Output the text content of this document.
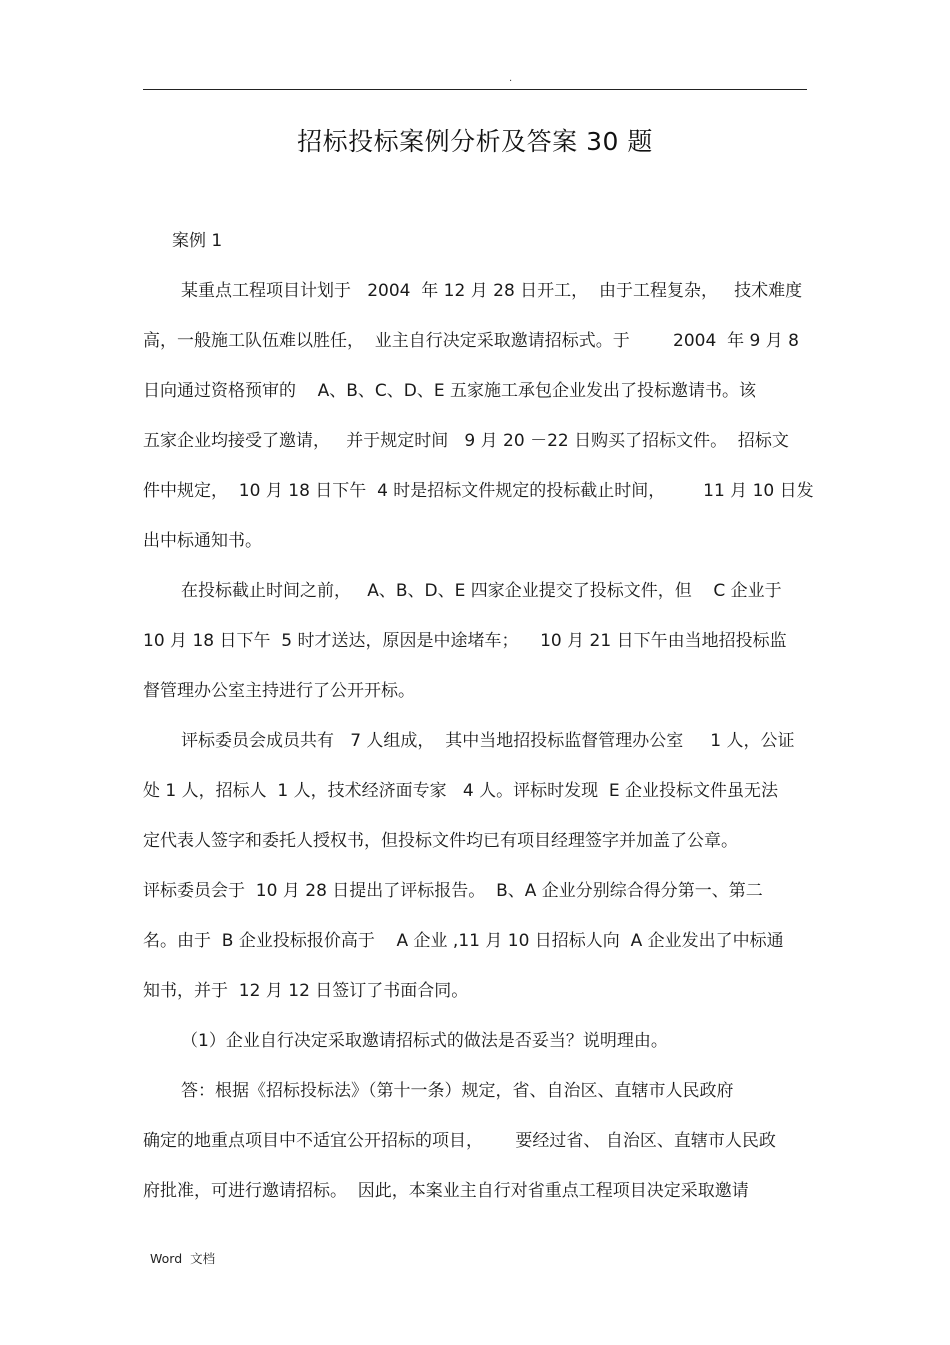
.
招标投标案例分析及答案 30 题
案例 1
某重点工程项目计划于   2004  年 12 月 28 日开工，  由于工程复杂，   技术难度
高，一般施工队伍难以胜任，  业主自行决定采取邀请招标式。于        2004  年 9 月 8
日向通过资格预审的    A、B、C、D、E 五家施工承包企业发出了投标邀请书。该
五家企业均接受了邀请，   并于规定时间   9 月 20 －22 日购买了招标文件。  招标文
件中规定，  10 月 18 日下午  4 时是招标文件规定的投标截止时间，       11 月 10 日发
出中标通知书。
在投标截止时间之前，   A、B、D、E 四家企业提交了投标文件，但    C 企业于
10 月 18 日下午  5 时才送达，原因是中途堵车；    10 月 21 日下午由当地招投标监
督管理办公室主持进行了公开开标。
评标委员会成员共有   7 人组成，  其中当地招投标监督管理办公室     1 人，公证
处 1 人，招标人  1 人，技术经济面专家   4 人。评标时发现  E 企业投标文件虽无法
定代表人签字和委托人授权书，但投标文件均已有项目经理签字并加盖了公章。
评标委员会于  10 月 28 日提出了评标报告。  B、A 企业分别综合得分第一、第二
名。由于  B 企业投标报价高于    A 企业 ,11 月 10 日招标人向  A 企业发出了中标通
知书，并于  12 月 12 日签订了书面合同。
（1）企业自行决定采取邀请招标式的做法是否妥当？说明理由。
答：根据《招标投标法》（第十一条）规定，省、自治区、直辖市人民政府
确定的地重点项目中不适宜公开招标的项目，      要经过省、 自治区、直辖市人民政
府批准，可进行邀请招标。  因此，本案业主自行对省重点工程项目决定采取邀请
Word  文档
